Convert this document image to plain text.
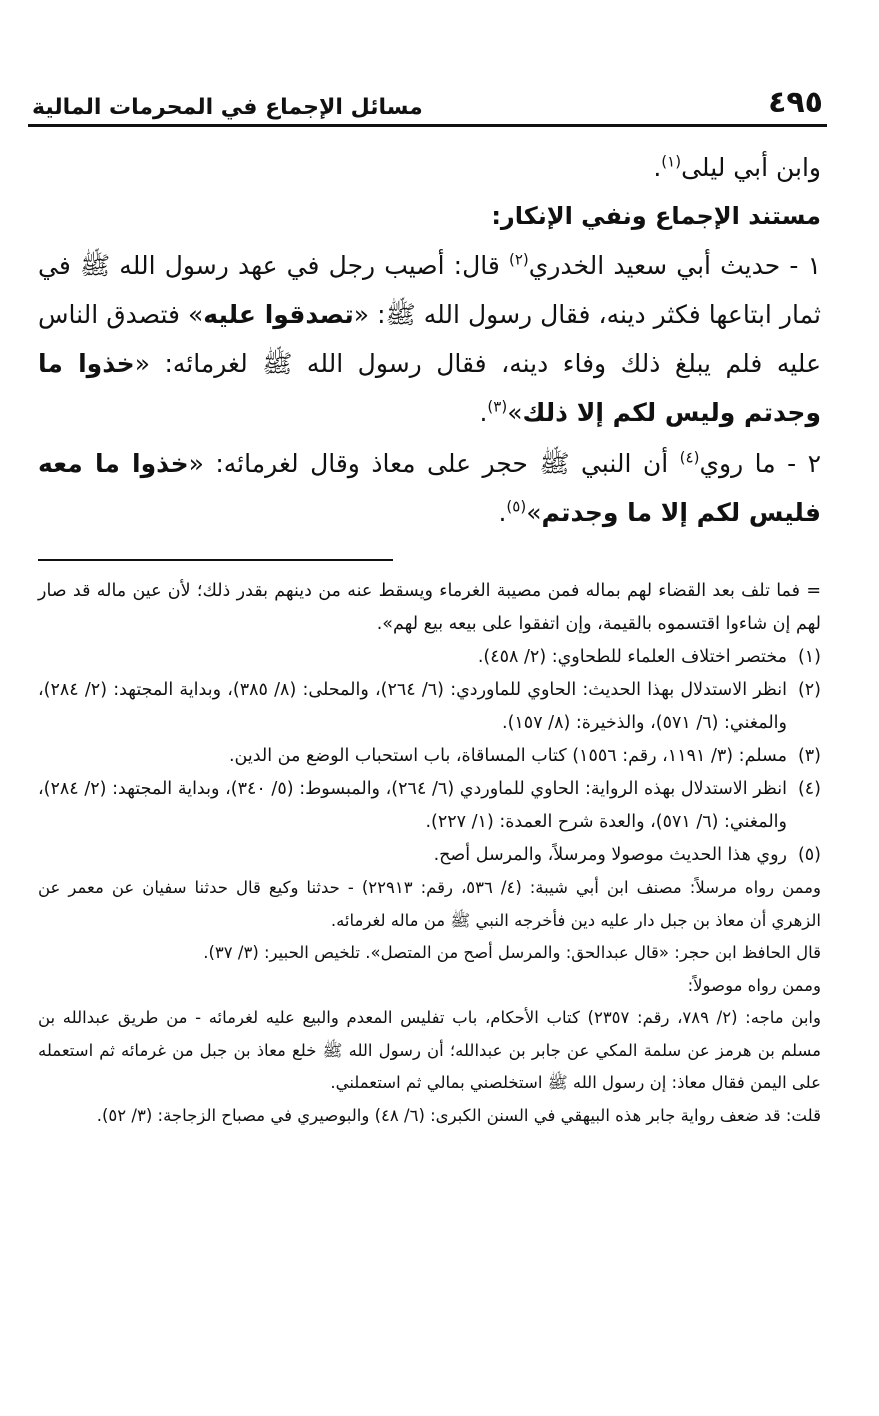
٤٩٥
مسائل الإجماع في المحرمات المالية

وابن أبي ليلى$^{(١)}$.

مستند الإجماع ونفي الإنكار:

١ - حديث أبي سعيد الخدري$^{(٢)}$ قال: أصيب رجل في عهد رسول الله ﷺ في ثمار ابتاعها فكثر دينه، فقال رسول الله ﷺ: «تصدقوا عليه» فتصدق الناس عليه فلم يبلغ ذلك وفاء دينه، فقال رسول الله ﷺ لغرمائه: «خذوا ما وجدتم وليس لكم إلا ذلك»$^{(٣)}$.

٢ - ما روي$^{(٤)}$ أن النبي ﷺ حجر على معاذ وقال لغرمائه: «خذوا ما معه فليس لكم إلا ما وجدتم»$^{(٥)}$.

= فما تلف بعد القضاء لهم بماله فمن مصيبة الغرماء ويسقط عنه من دينهم بقدر ذلك؛ لأن عين ماله قد صار لهم إن شاءوا اقتسموه بالقيمة، وإن اتفقوا على بيعه بيع لهم».

(١)
مختصر اختلاف العلماء للطحاوي: (٢/ ٤٥٨).
(٢)
انظر الاستدلال بهذا الحديث: الحاوي للماوردي: (٦/ ٢٦٤)، والمحلى: (٨/ ٣٨٥)، وبداية المجتهد: (٢/ ٢٨٤)، والمغني: (٦/ ٥٧١)، والذخيرة: (٨/ ١٥٧).
(٣)
مسلم: (٣/ ١١٩١، رقم: ١٥٥٦) كتاب المساقاة، باب استحباب الوضع من الدين.
(٤)
انظر الاستدلال بهذه الرواية: الحاوي للماوردي (٦/ ٢٦٤)، والمبسوط: (٥/ ٣٤٠)، وبداية المجتهد: (٢/ ٢٨٤)، والمغني: (٦/ ٥٧١)، والعدة شرح العمدة: (١/ ٢٢٧).
(٥)
روي هذا الحديث موصولا ومرسلاً، والمرسل أصح.

وممن رواه مرسلاً: مصنف ابن أبي شيبة: (٤/ ٥٣٦، رقم: ٢٢٩١٣) - حدثنا وكيع قال حدثنا سفيان عن معمر عن الزهري أن معاذ بن جبل دار عليه دين فأخرجه النبي ﷺ من ماله لغرمائه.

قال الحافظ ابن حجر: «قال عبدالحق: والمرسل أصح من المتصل». تلخيص الحبير: (٣/ ٣٧).

وممن رواه موصولاً:

وابن ماجه: (٢/ ٧٨٩، رقم: ٢٣٥٧) كتاب الأحكام، باب تفليس المعدم والبيع عليه لغرمائه - من طريق عبدالله بن مسلم بن هرمز عن سلمة المكي عن جابر بن عبدالله؛ أن رسول الله ﷺ خلع معاذ بن جبل من غرمائه ثم استعمله على اليمن فقال معاذ: إن رسول الله ﷺ استخلصني بمالي ثم استعملني.

قلت: قد ضعف رواية جابر هذه البيهقي في السنن الكبرى: (٦/ ٤٨) والبوصيري في مصباح الزجاجة: (٣/ ٥٢).
